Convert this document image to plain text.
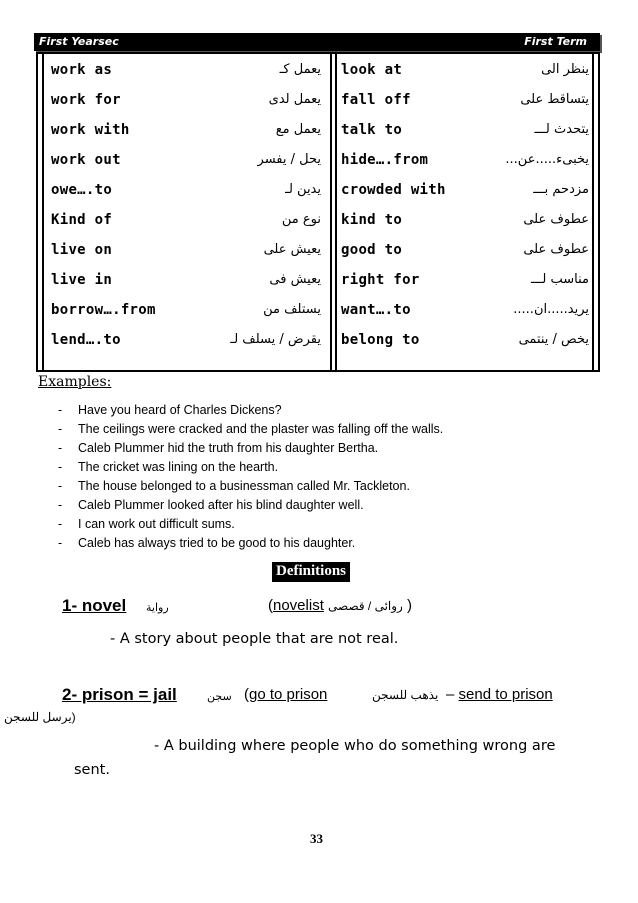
First Yearsec	First Term
work as	يعمل كـ
work for	يعمل لدى
work with	يعمل مع
work out	يحل / يفسر
owe….to	يدين لـ
Kind of	نوع من
live on	يعيش على
live in	يعيش فى
borrow….from	يستلف من
lend….to	يقرض / يسلف لـ
look at	ينظر الى
fall off	يتساقط على
talk to	يتحدث لـــ
hide….from	يخبىء.....عن...
crowded with	مزدحم بـــ
kind to	عطوف على
good to	عطوف على
right for	مناسب لـــ
want….to	يريد.....ان.....
belong to	يخص / ينتمى
Examples:
- Have you heard of Charles Dickens?
- The ceilings were cracked and the plaster was falling off the walls.
- Caleb Plummer hid the truth from his daughter Bertha.
- The cricket was lining on the hearth.
- The house belonged to a businessman called Mr. Tackleton.
- Caleb Plummer looked after his blind daughter well.
- I can work out difficult sums.
- Caleb has always tried to be good to his daughter.
Definitions
1- novel رواية	(novelist روائى / قصصى )
- A story about people that are not real.
2- prison = jail	سجن (go to prison	يذهب للسجن – send to prison
يرسل للسجن)
- A building where people who do something wrong are
sent.
33
